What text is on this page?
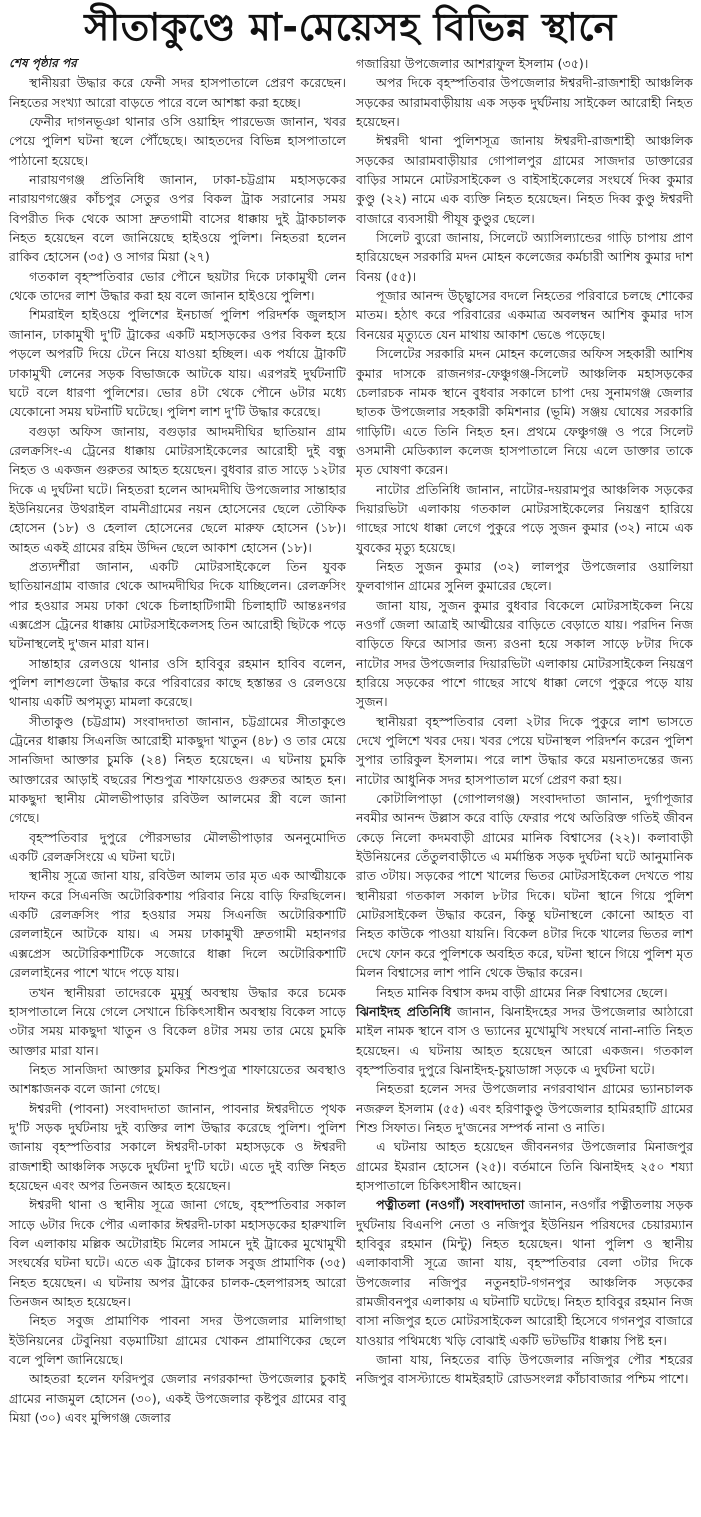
সীতাকুণ্ডে মা-মেয়েসহ বিভিন্ন স্থানে

শেষ পৃষ্ঠার পর

স্থানীয়রা উদ্ধার করে ফেনী সদর হাসপাতালে প্রেরণ করেছেন। নিহতের সংখ্যা আরো বাড়তে পারে বলে আশঙ্কা করা হচ্ছে।

ফেনীর দাগনভূঞা থানার ওসি ওয়াহিদ পারভেজ জানান, খবর পেয়ে পুলিশ ঘটনা স্থলে পৌঁছেছে। আহতদের বিভিন্ন হাসপাতালে পাঠানো হয়েছে।

নারায়ণগঞ্জ প্রতিনিধি জানান, ঢাকা-চট্টগ্রাম মহাসড়কের নারায়ণগঞ্জের কাঁচপুর সেতুর ওপর বিকল ট্রাক সরানোর সময় বিপরীত দিক থেকে আসা দ্রুতগামী বাসের ধাক্কায় দুই ট্রাকচালক নিহত হয়েছেন বলে জানিয়েছে হাইওয়ে পুলিশ। নিহতরা হলেন রাকিব হোসেন (৩৫) ও সাগর মিয়া (২৭)

গতকাল বৃহস্পতিবার ভোর পৌনে ছয়টার দিকে ঢাকামুখী লেন থেকে তাদের লাশ উদ্ধার করা হয় বলে জানান হাইওয়ে পুলিশ।

শিমরাইল হাইওয়ে পুলিশের ইনচার্জ পুলিশ পরিদর্শক জুলহাস জানান, ঢাকামুখী দু'টি ট্রাকের একটি মহাসড়কের ওপর বিকল হয়ে পড়লে অপরটি দিয়ে টেনে নিয়ে যাওয়া হচ্ছিল। এক পর্যায়ে ট্রাকটি ঢাকামুখী লেনের সড়ক বিভাজকে আটকে যায়। এরপরই দুর্ঘটনাটি ঘটে বলে ধারণা পুলিশের। ভোর ৪টা থেকে পৌনে ৬টার মধ্যে যেকোনো সময় ঘটনাটি ঘটেছে। পুলিশ লাশ দু'টি উদ্ধার করেছে।

বগুড়া অফিস জানায়, বগুড়ার আদমদীঘির ছাতিয়ান গ্রাম রেলক্রসিং-এ ট্রেনের ধাক্কায় মোটরসাইকেলের আরোহী দুই বন্ধু নিহত ও একজন গুরুতর আহত হয়েছেন। বুধবার রাত সাড়ে ১২টার দিকে এ দুর্ঘটনা ঘটে। নিহতরা হলেন আদমদীঘি উপজেলার সান্তাহার ইউনিয়নের উথরাইল বামনীগ্রামের নয়ন হোসেনের ছেলে তৌফিক হোসেন (১৮) ও হেলাল হোসেনের ছেলে মারুফ হোসেন (১৮)। আহত একই গ্রামের রহিম উদ্দিন ছেলে আকাশ হোসেন (১৮)।

প্রত্যদর্শীরা জানান, একটি মোটরসাইকেলে তিন যুবক ছাতিয়ানগ্রাম বাজার থেকে আদমদীঘির দিকে যাচ্ছিলেন। রেলক্রসিং পার হওয়ার সময় ঢাকা থেকে চিলাহাটিগামী চিলাহাটি আন্তঃনগর এক্সপ্রেস ট্রেনের ধাক্কায় মোটরসাইকেলসহ তিন আরোহী ছিটকে পড়ে ঘটনাস্থলেই দু'জন মারা যান।

সান্তাহার রেলওয়ে থানার ওসি হাবিবুর রহমান হাবিব বলেন, পুলিশ লাশগুলো উদ্ধার করে পরিবারের কাছে হস্তান্তর ও রেলওয়ে থানায় একটি অপমৃত্যু মামলা করেছে।

সীতাকুণ্ড (চট্টগ্রাম) সংবাদদাতা জানান, চট্টগ্রামের সীতাকুণ্ডে ট্রেনের ধাক্কায় সিএনজি আরোহী মাকছুদা খাতুন (৪৮) ও তার মেয়ে সানজিদা আক্তার চুমকি (২৪) নিহত হয়েছেন। এ ঘটনায় চুমকি আক্তারের আড়াই বছরের শিশুপুত্র শাফায়েতও গুরুতর আহত হন। মাকছুদা স্থানীয় মৌলভীপাড়ার রবিউল আলমের স্ত্রী বলে জানা গেছে।

বৃহস্পতিবার দুপুরে পৌরসভার মৌলভীপাড়ার অননুমোদিত একটি রেলক্রসিংয়ে এ ঘটনা ঘটে।

স্থানীয় সূত্রে জানা যায়, রবিউল আলম তার মৃত এক আত্মীয়কে দাফন করে সিএনজি অটোরিকশায় পরিবার নিয়ে বাড়ি ফিরছিলেন। একটি রেলক্রসিং পার হওয়ার সময় সিএনজি অটোরিকশাটি রেললাইনে আটকে যায়। এ সময় ঢাকামুখী দ্রুতগামী মহানগর এক্সপ্রেস অটোরিকশাটিকে সজোরে ধাক্কা দিলে অটোরিকশাটি রেললাইনের পাশে খাদে পড়ে যায়।

তখন স্থানীয়রা তাদেরকে মুমূর্ষু অবস্থায় উদ্ধার করে চমেক হাসপাতালে নিয়ে গেলে সেখানে চিকিৎসাধীন অবস্থায় বিকেল সাড়ে ৩টার সময় মাকছুদা খাতুন ও বিকেল ৪টার সময় তার মেয়ে চুমকি আক্তার মারা যান।

নিহত সানজিদা আক্তার চুমকির শিশুপুত্র শাফায়েতের অবস্থাও আশঙ্কাজনক বলে জানা গেছে।

ঈশ্বরদী (পাবনা) সংবাদদাতা জানান, পাবনার ঈশ্বরদীতে পৃথক দু'টি সড়ক দুর্ঘটনায় দুই ব্যক্তির লাশ উদ্ধার করেছে পুলিশ। পুলিশ জানায় বৃহস্পতিবার সকালে ঈশ্বরদী-ঢাকা মহাসড়কে ও ঈশ্বরদী রাজশাহী আঞ্চলিক সড়কে দুর্ঘটনা দু'টি ঘটে। এতে দুই ব্যক্তি নিহত হয়েছেন এবং অপর তিনজন আহত হয়েছেন।

ঈশ্বরদী থানা ও স্থানীয় সূত্রে জানা গেছে, বৃহস্পতিবার সকাল সাড়ে ৬টার দিকে পৌর এলাকার ঈশ্বরদী-ঢাকা মহাসড়কের হারুখালি বিল এলাকায় মল্লিক অটোরাইচ মিলের সামনে দুই ট্রাকের মুখোমুখী সংঘর্ষের ঘটনা ঘটে। এতে এক ট্রাকের চালক সবুজ প্রামাণিক (৩৫) নিহত হয়েছেন। এ ঘটনায় অপর ট্রাকের চালক-হেলপারসহ আরো তিনজন আহত হয়েছেন।

নিহত সবুজ প্রামাণিক পাবনা সদর উপজেলার মালিগাছা ইউনিয়নের টেবুনিয়া বড়মাটিয়া গ্রামের খোকন প্রামাণিকের ছেলে বলে পুলিশ জানিয়েছে।

আহতরা হলেন ফরিদপুর জেলার নগরকান্দা উপজেলার চুকাই গ্রামের নাজমুল হোসেন (৩০), একই উপজেলার কৃষ্টপুর গ্রামের বাবু মিয়া (৩০) এবং মুন্সিগঞ্জ জেলার

গজারিয়া উপজেলার আশরাফুল ইসলাম (৩৫)।

অপর দিকে বৃহস্পতিবার উপজেলার ঈশ্বরদী-রাজশাহী আঞ্চলিক সড়কের আরামবাড়ীয়ায় এক সড়ক দুর্ঘটনায় সাইকেল আরোহী নিহত হয়েছেন।

ঈশ্বরদী থানা পুলিশসূত্র জানায় ঈশ্বরদী-রাজশাহী আঞ্চলিক সড়কের আরামবাড়ীয়ার গোপালপুর গ্রামের সাজদার ডাক্তারের বাড়ির সামনে মোটরসাইকেল ও বাইসাইকেলের সংঘর্ষে দিব্ব কুমার কুণ্ডু (২২) নামে এক ব্যক্তি নিহত হয়েছেন। নিহত দিব্ব কুণ্ডু ঈশ্বরদী বাজারে ব্যবসায়ী পীযূষ কুণ্ডুর ছেলে।

সিলেট ব্যুরো জানায়, সিলেটে অ্যাসিল্যান্ডের গাড়ি চাপায় প্রাণ হারিয়েছেন সরকারি মদন মোহন কলেজের কর্মচারী আশিষ কুমার দাশ বিনয় (৫৫)।

পূজার আনন্দ উচ্ছ্বাসের বদলে নিহতের পরিবারে চলছে শোকের মাতম। হঠাৎ করে পরিবারের একমাত্র অবলম্বন আশিষ কুমার দাস বিনয়ের মৃত্যুতে যেন মাথায় আকাশ ভেঙে পড়েছে।

সিলেটের সরকারি মদন মোহন কলেজের অফিস সহকারী আশিষ কুমার দাসকে রাজনগর-ফেঞ্চুগঞ্জ-সিলেট আঞ্চলিক মহাসড়কের চেলারচক নামক স্থানে বুধবার সকালে চাপা দেয় সুনামগঞ্জ জেলার ছাতক উপজেলার সহকারী কমিশনার (ভূমি) সঞ্জয় ঘোষের সরকারি গাড়িটি। এতে তিনি নিহত হন। প্রথমে ফেঞ্চুগঞ্জ ও পরে সিলেট ওসমানী মেডিক্যাল কলেজ হাসপাতালে নিয়ে এলে ডাক্তার তাকে মৃত ঘোষণা করেন।

নাটোর প্রতিনিধি জানান, নাটোর-দয়রামপুর আঞ্চলিক সড়কের দিয়ারভিটা এলাকায় গতকাল মোটরসাইকেলের নিয়ন্ত্রণ হারিয়ে গাছের সাথে ধাক্কা লেগে পুকুরে পড়ে সুজন কুমার (৩২) নামে এক যুবকের মৃত্যু হয়েছে।

নিহত সুজন কুমার (৩২) লালপুর উপজেলার ওয়ালিয়া ফুলবাগান গ্রামের সুনিল কুমারের ছেলে।

জানা যায়, সুজন কুমার বুধবার বিকেলে মোটরসাইকেল নিয়ে নওগাঁ জেলা আত্রাই আত্মীয়ের বাড়িতে বেড়াতে যায়। পরদিন নিজ বাড়িতে ফিরে আসার জন্য রওনা হয়ে সকাল সাড়ে ৮টার দিকে নাটোর সদর উপজেলার দিয়ারভিটা এলাকায় মোটরসাইকেল নিয়ন্ত্রণ হারিয়ে সড়কের পাশে গাছের সাথে ধাক্কা লেগে পুকুরে পড়ে যায় সুজন।

স্থানীয়রা বৃহস্পতিবার বেলা ২টার দিকে পুকুরে লাশ ভাসতে দেখে পুলিশে খবর দেয়। খবর পেয়ে ঘটনাস্থল পরিদর্শন করেন পুলিশ সুপার তারিকুল ইসলাম। পরে লাশ উদ্ধার করে ময়নাতদন্তের জন্য নাটোর আধুনিক সদর হাসপাতাল মর্গে প্রেরণ করা হয়।

কোটালিপাড়া (গোপালগঞ্জ) সংবাদদাতা জানান, দুর্গাপূজার নবমীর আনন্দ উল্লাস করে বাড়ি ফেরার পথে অতিরিক্ত গতিই জীবন কেড়ে নিলো কদমবাড়ী গ্রামের মানিক বিশ্বাসের (২২)। কলাবাড়ী ইউনিয়নের তেঁতুলবাড়ীতে এ মর্মান্তিক সড়ক দুর্ঘটনা ঘটে আনুমানিক রাত ৩টায়। সড়কের পাশে খালের ভিতর মোটরসাইকেল দেখতে পায় স্থানীয়রা গতকাল সকাল ৮টার দিকে। ঘটনা স্থানে গিয়ে পুলিশ মোটরসাইকেল উদ্ধার করেন, কিন্তু ঘটনাস্থলে কোনো আহত বা নিহত কাউকে পাওয়া যায়নি। বিকেল ৪টার দিকে খালের ভিতর লাশ দেখে ফোন করে পুলিশকে অবহিত করে, ঘটনা স্থানে গিয়ে পুলিশ মৃত মিলন বিশ্বাসের লাশ পানি থেকে উদ্ধার করেন।

নিহত মানিক বিশ্বাস কদম বাড়ী গ্রামের নিরু বিশ্বাসের ছেলে।

ঝিনাইদহ প্রতিনিধি জানান, ঝিনাইদহের সদর উপজেলার আঠারো মাইল নামক স্থানে বাস ও ভ্যানের মুখোমুখি সংঘর্ষে নানা-নাতি নিহত হয়েছেন। এ ঘটনায় আহত হয়েছেন আরো একজন। গতকাল বৃহস্পতিবার দুপুরে ঝিনাইদহ-চুয়াডাঙ্গা সড়কে এ দুর্ঘটনা ঘটে।

নিহতরা হলেন সদর উপজেলার নগরবাথান গ্রামের ভ্যানচালক নজরুল ইসলাম (৫৫) এবং হরিণাকুণ্ডু উপজেলার হামিরহাটি গ্রামের শিশু সিফাত। নিহত দু'জনের সম্পর্ক নানা ও নাতি।

এ ঘটনায় আহত হয়েছেন জীবননগর উপজেলার মিনাজপুর গ্রামের ইমরান হোসেন (২৫)। বর্তমানে তিনি ঝিনাইদহ ২৫০ শয্যা হাসপাতালে চিকিৎসাধীন আছেন।

পত্নীতলা (নওগাঁ) সংবাদদাতা জানান, নওগাঁর পত্নীতলায় সড়ক দুর্ঘটনায় বিএনপি নেতা ও নজিপুর ইউনিয়ন পরিষদের চেয়ারম্যান হাবিবুর রহমান (মিন্টু) নিহত হয়েছেন। থানা পুলিশ ও স্থানীয় এলাকাবাসী সূত্রে জানা যায়, বৃহস্পতিবার বেলা ৩টার দিকে উপজেলার নজিপুর নতুনহাট-গগনপুর আঞ্চলিক সড়কের রামজীবনপুর এলাকায় এ ঘটনাটি ঘটেছে। নিহত হাবিবুর রহমান নিজ বাসা নজিপুর হতে মোটরসাইকেল আরোহী হিসেবে গগনপুর বাজারে যাওয়ার পথিমধ্যে খড়ি বোঝাই একটি ভটভটির ধাক্কায় পিষ্ট হন।

জানা যায়, নিহতের বাড়ি উপজেলার নজিপুর পৌর শহরের নজিপুর বাসস্ট্যান্ডে ধামইরহাট রোডসংলগ্ন কাঁচাবাজার পশ্চিম পাশে।
